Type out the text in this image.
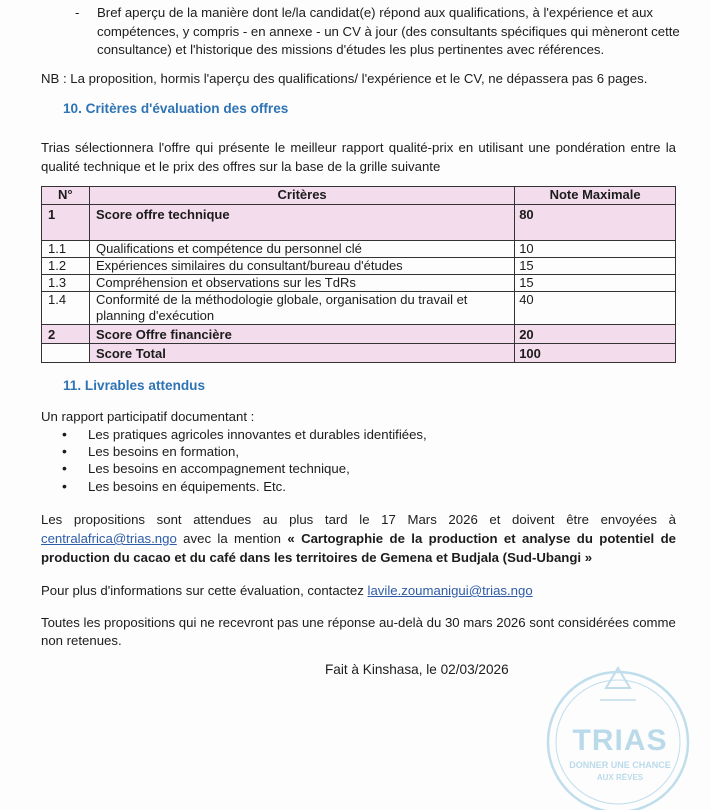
- Bref aperçu de la manière dont le/la candidat(e) répond aux qualifications, à l'expérience et aux compétences, y compris - en annexe - un CV à jour (des consultants spécifiques qui mèneront cette consultance) et l'historique des missions d'études les plus pertinentes avec références.
NB : La proposition, hormis l'aperçu des qualifications/ l'expérience et le CV, ne dépassera pas 6 pages.
10. Critères d'évaluation des offres
Trias sélectionnera l'offre qui présente le meilleur rapport qualité-prix en utilisant une pondération entre la qualité technique et le prix des offres sur la base de la grille suivante
N°	Critères	Note Maximale
1	Score offre technique	80
1.1	Qualifications et compétence du personnel clé	10
1.2	Expériences similaires du consultant/bureau d'études	15
1.3	Compréhension et observations sur les TdRs	15
1.4	Conformité de la méthodologie globale, organisation du travail et planning d'exécution	40
2	Score Offre financière	20
	Score Total	100
11. Livrables attendus
Un rapport participatif documentant :
• Les pratiques agricoles innovantes et durables identifiées,
• Les besoins en formation,
• Les besoins en accompagnement technique,
• Les besoins en équipements. Etc.
Les propositions sont attendues au plus tard le 17 Mars 2026 et doivent être envoyées à centralafrica@trias.ngo avec la mention « Cartographie de la production et analyse du potentiel de production du cacao et du café dans les territoires de Gemena et Budjala (Sud-Ubangi »
Pour plus d'informations sur cette évaluation, contactez lavile.zoumanigui@trias.ngo
Toutes les propositions qui ne recevront pas une réponse au-delà du 30 mars 2026 sont considérées comme non retenues.
Fait à Kinshasa, le 02/03/2026
TRIAS
DONNER UNE CHANCE
AUX RÊVES
